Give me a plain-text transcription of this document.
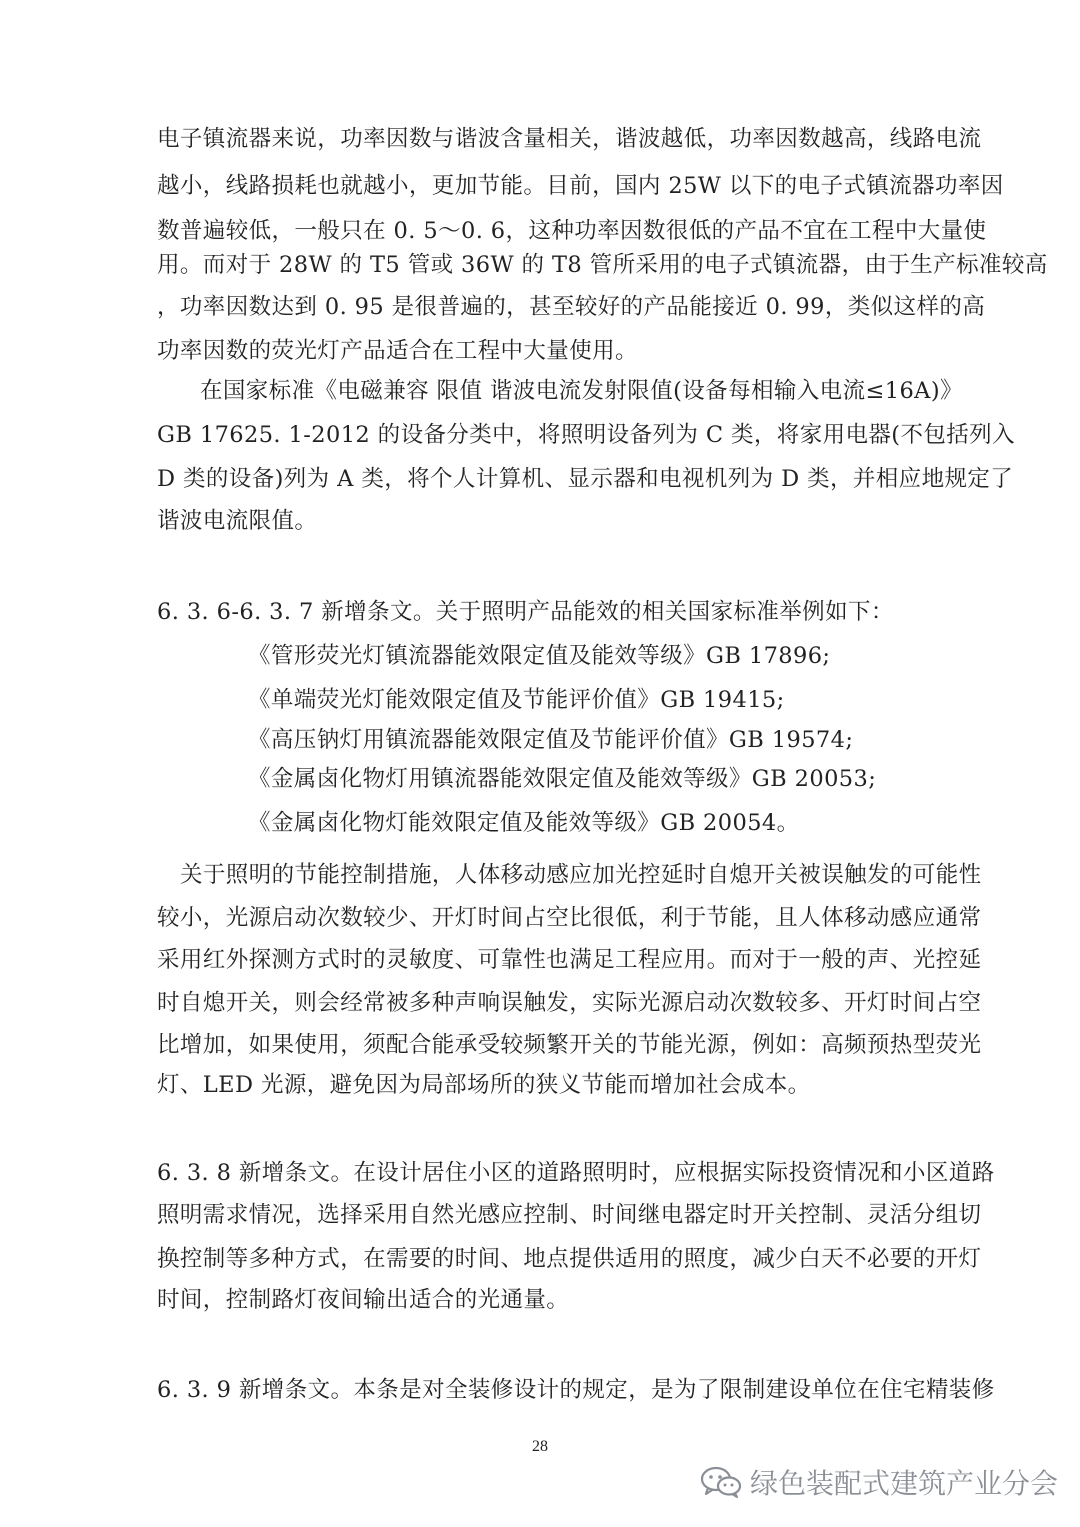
电子镇流器来说，功率因数与谐波含量相关，谐波越低，功率因数越高，线路电流
越小，线路损耗也就越小，更加节能。目前，国内 25W 以下的电子式镇流器功率因
数普遍较低，一般只在 0. 5～0. 6，这种功率因数很低的产品不宜在工程中大量使
用。而对于 28W 的 T5 管或 36W 的 T8 管所采用的电子式镇流器，由于生产标准较高
，功率因数达到 0. 95 是很普遍的，甚至较好的产品能接近 0. 99，类似这样的高
功率因数的荧光灯产品适合在工程中大量使用。
在国家标准《电磁兼容 限值 谐波电流发射限值(设备每相输入电流≤16A)》
GB 17625. 1-2012 的设备分类中，将照明设备列为 C 类，将家用电器(不包括列入
D 类的设备)列为 A 类，将个人计算机、显示器和电视机列为 D 类，并相应地规定了
谐波电流限值。
6. 3. 6-6. 3. 7 新增条文。关于照明产品能效的相关国家标准举例如下：
《管形荧光灯镇流器能效限定值及能效等级》GB 17896;
《单端荧光灯能效限定值及节能评价值》GB 19415;
《高压钠灯用镇流器能效限定值及节能评价值》GB 19574;
《金属卤化物灯用镇流器能效限定值及能效等级》GB 20053;
《金属卤化物灯能效限定值及能效等级》GB 20054。
关于照明的节能控制措施，人体移动感应加光控延时自熄开关被误触发的可能性
较小，光源启动次数较少、开灯时间占空比很低，利于节能，且人体移动感应通常
采用红外探测方式时的灵敏度、可靠性也满足工程应用。而对于一般的声、光控延
时自熄开关，则会经常被多种声响误触发，实际光源启动次数较多、开灯时间占空
比增加，如果使用，须配合能承受较频繁开关的节能光源，例如：高频预热型荧光
灯、LED 光源，避免因为局部场所的狭义节能而增加社会成本。
6. 3. 8 新增条文。在设计居住小区的道路照明时，应根据实际投资情况和小区道路
照明需求情况，选择采用自然光感应控制、时间继电器定时开关控制、灵活分组切
换控制等多种方式，在需要的时间、地点提供适用的照度，减少白天不必要的开灯
时间，控制路灯夜间输出适合的光通量。
6. 3. 9 新增条文。本条是对全装修设计的规定，是为了限制建设单位在住宅精装修
28
绿色装配式建筑产业分会
